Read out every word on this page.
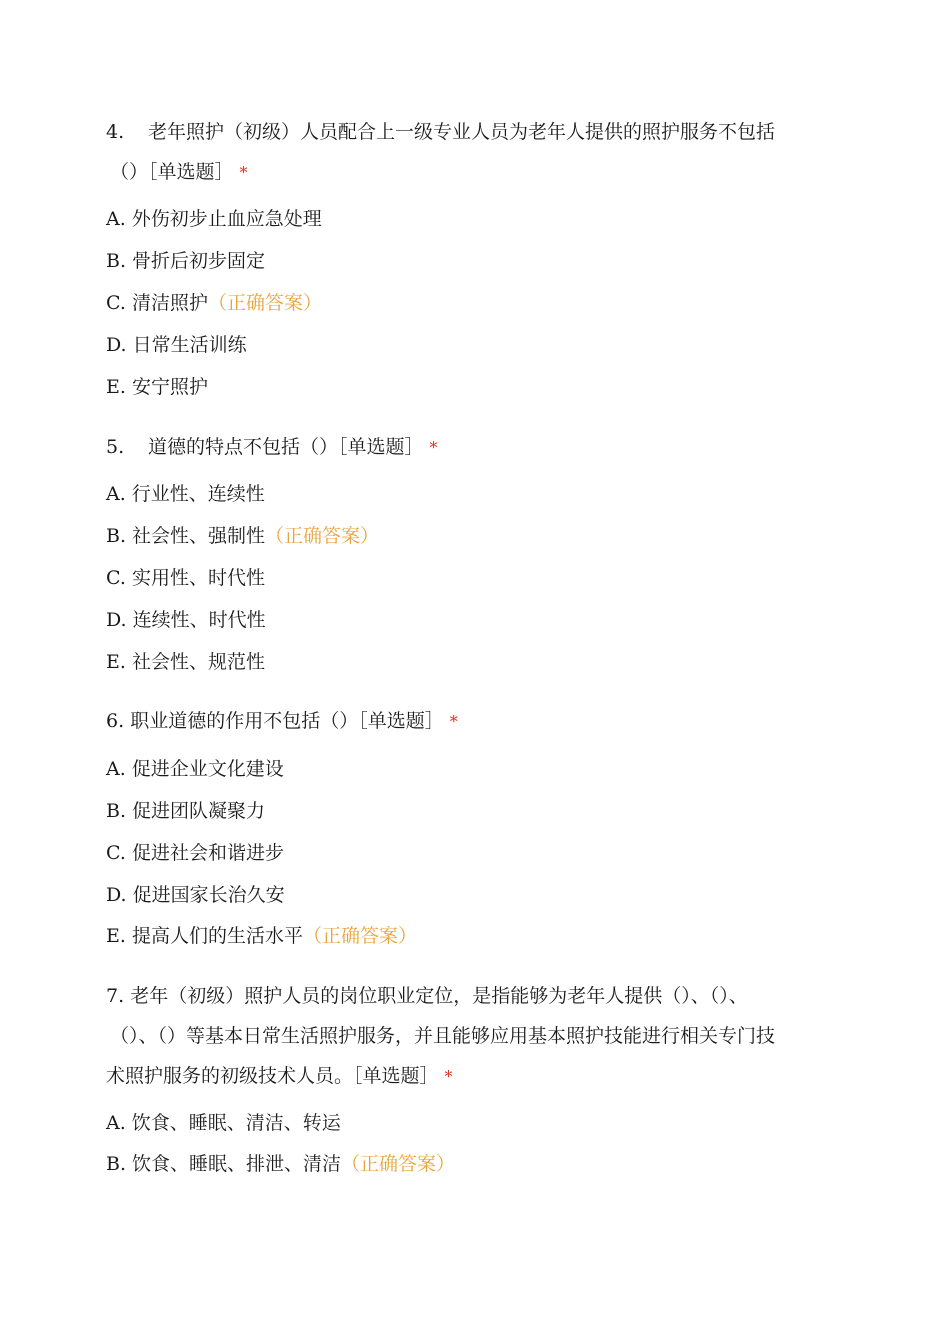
4. 老年照护（初级）人员配合上一级专业人员为老年人提供的照护服务不包括
（）［单选题］ *
A. 外伤初步止血应急处理
B. 骨折后初步固定
C. 清洁照护（正确答案）
D. 日常生活训练
E. 安宁照护
5. 道德的特点不包括（）［单选题］ *
A. 行业性、连续性
B. 社会性、强制性（正确答案）
C. 实用性、时代性
D. 连续性、时代性
E. 社会性、规范性
6. 职业道德的作用不包括（）［单选题］ *
A. 促进企业文化建设
B. 促进团队凝聚力
C. 促进社会和谐进步
D. 促进国家长治久安
E. 提高人们的生活水平（正确答案）
7. 老年（初级）照护人员的岗位职业定位，是指能够为老年人提供（）、（）、
（）、（）等基本日常生活照护服务，并且能够应用基本照护技能进行相关专门技
术照护服务的初级技术人员。［单选题］ *
A. 饮食、睡眠、清洁、转运
B. 饮食、睡眠、排泄、清洁（正确答案）
